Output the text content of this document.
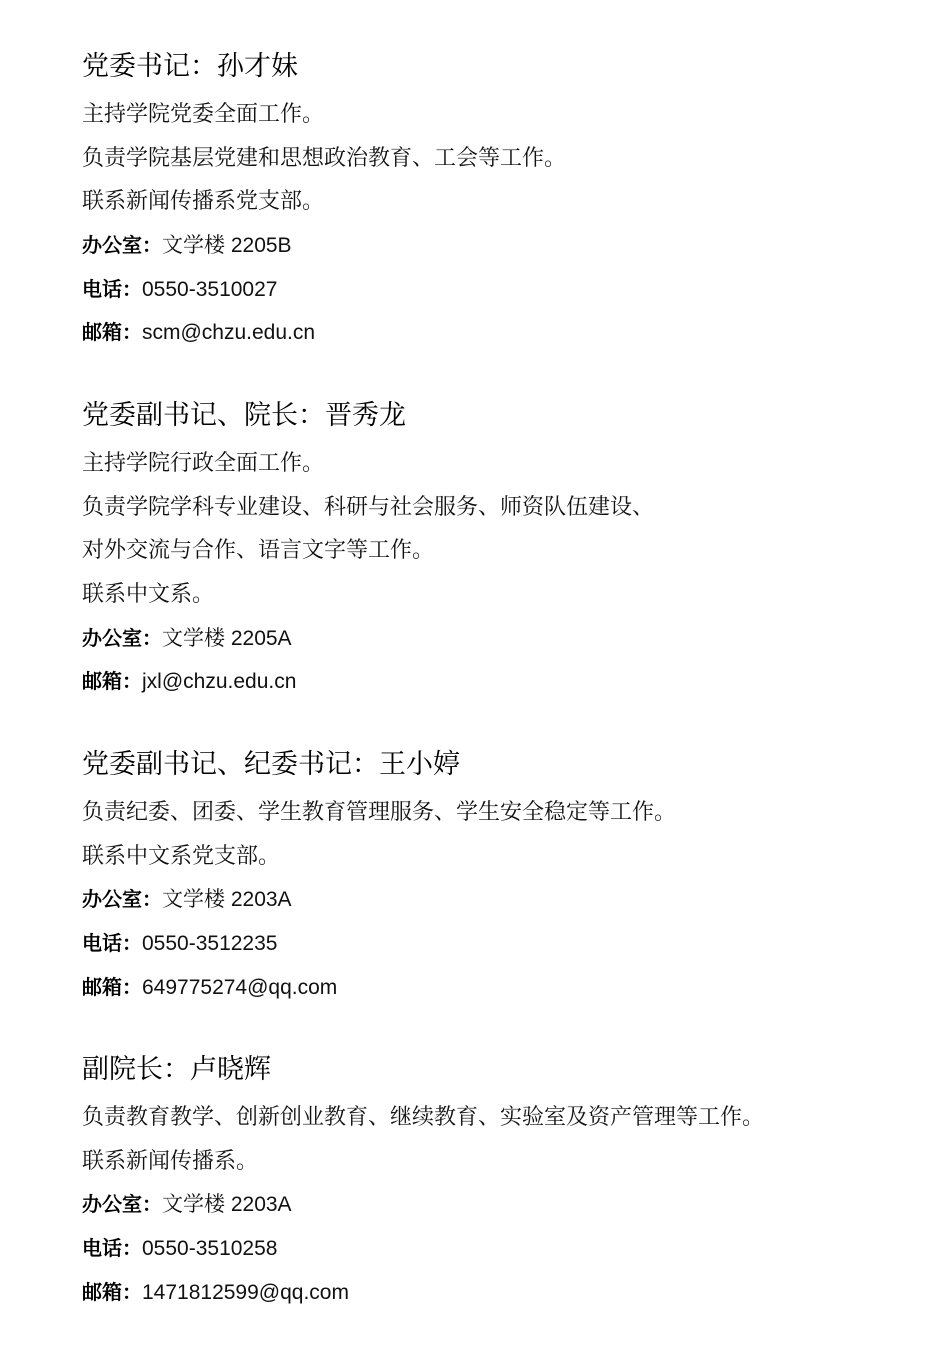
党委书记：孙才妹
主持学院党委全面工作。
负责学院基层党建和思想政治教育、工会等工作。
联系新闻传播系党支部。
办公室：文学楼 2205B
电话：0550-3510027
邮箱：scm@chzu.edu.cn
党委副书记、院长：晋秀龙
主持学院行政全面工作。
负责学院学科专业建设、科研与社会服务、师资队伍建设、
对外交流与合作、语言文字等工作。
联系中文系。
办公室：文学楼 2205A
邮箱：jxl@chzu.edu.cn
党委副书记、纪委书记：王小婷
负责纪委、团委、学生教育管理服务、学生安全稳定等工作。
联系中文系党支部。
办公室：文学楼 2203A
电话：0550-3512235
邮箱：649775274@qq.com
副院长：卢晓辉
负责教育教学、创新创业教育、继续教育、实验室及资产管理等工作。
联系新闻传播系。
办公室：文学楼 2203A
电话：0550-3510258
邮箱：1471812599@qq.com
